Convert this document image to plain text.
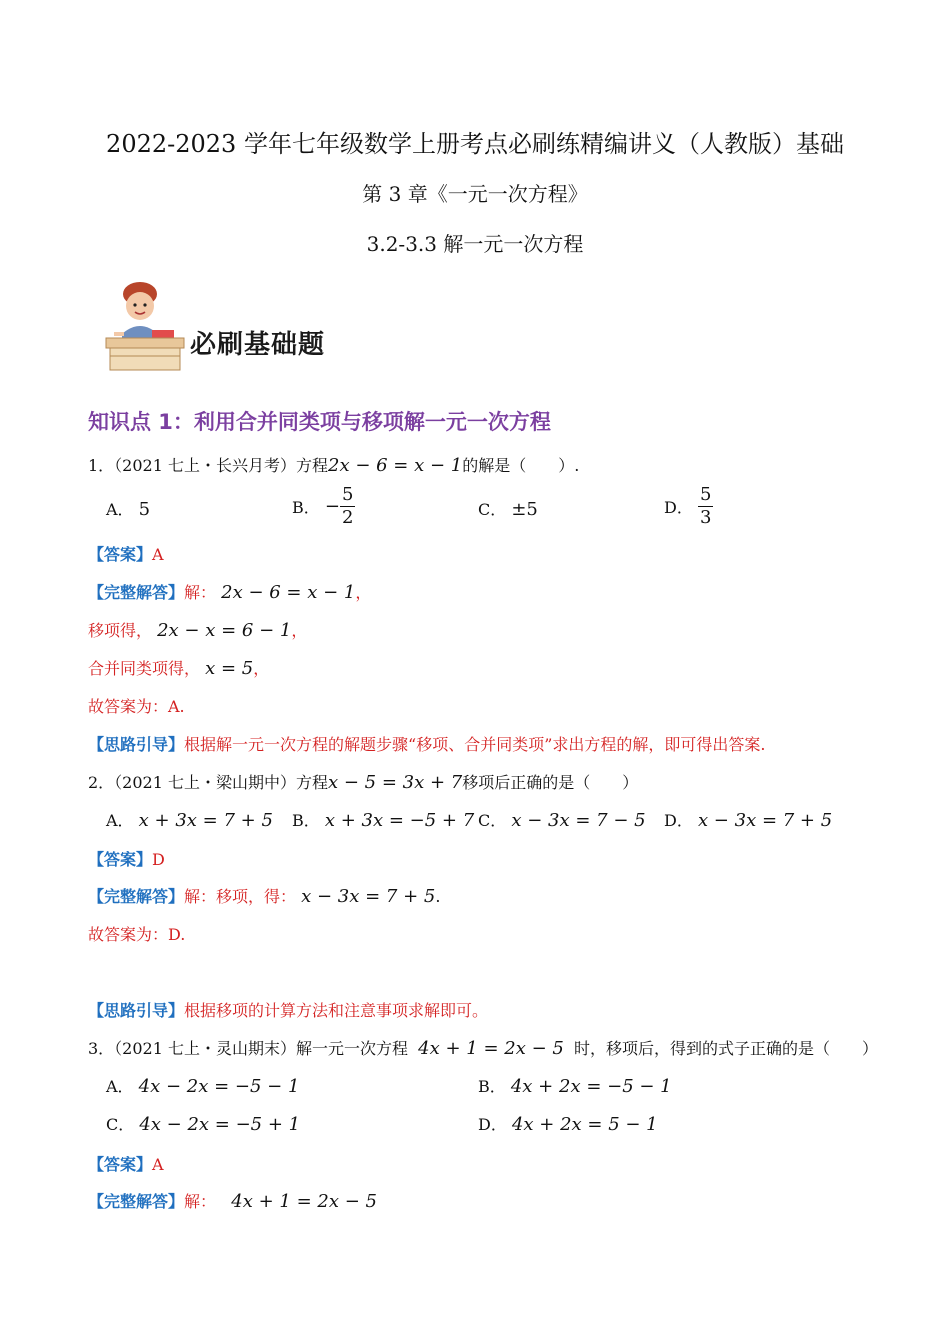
2022-2023 学年七年级数学上册考点必刷练精编讲义（人教版）基础
第 3 章《一元一次方程》
3.2-3.3 解一元一次方程
必刷基础题
知识点 1：利用合并同类项与移项解一元一次方程
1．（2021 七上・长兴月考）方程2x − 6 = x − 1的解是（　　）.
A． 5	B． − $\frac{5}{2}$	C． ±5	D． $\frac{5}{3}$
【答案】A
【完整解答】解： 2x − 6 = x − 1，
移项得， 2x − x = 6 − 1，
合并同类项得， x = 5，
故答案为：A.
【思路引导】根据解一元一次方程的解题步骤“移项、合并同类项”求出方程的解，即可得出答案.
2．（2021 七上・梁山期中）方程x − 5 = 3x + 7移项后正确的是（　　）
A． x + 3x = 7 + 5 B． x + 3x = −5 + 7 C． x − 3x = 7 − 5 D． x − 3x = 7 + 5
【答案】D
【完整解答】解：移项，得： x − 3x = 7 + 5.
故答案为：D.
【思路引导】根据移项的计算方法和注意事项求解即可。
3．（2021 七上・灵山期末）解一元一次方程 4x + 1 = 2x − 5 时，移项后，得到的式子正确的是（　　）
A． 4x − 2x = −5 − 1	B． 4x + 2x = −5 − 1
C． 4x − 2x = −5 + 1	D． 4x + 2x = 5 − 1
【答案】A
【完整解答】解： 4x + 1 = 2x − 5
